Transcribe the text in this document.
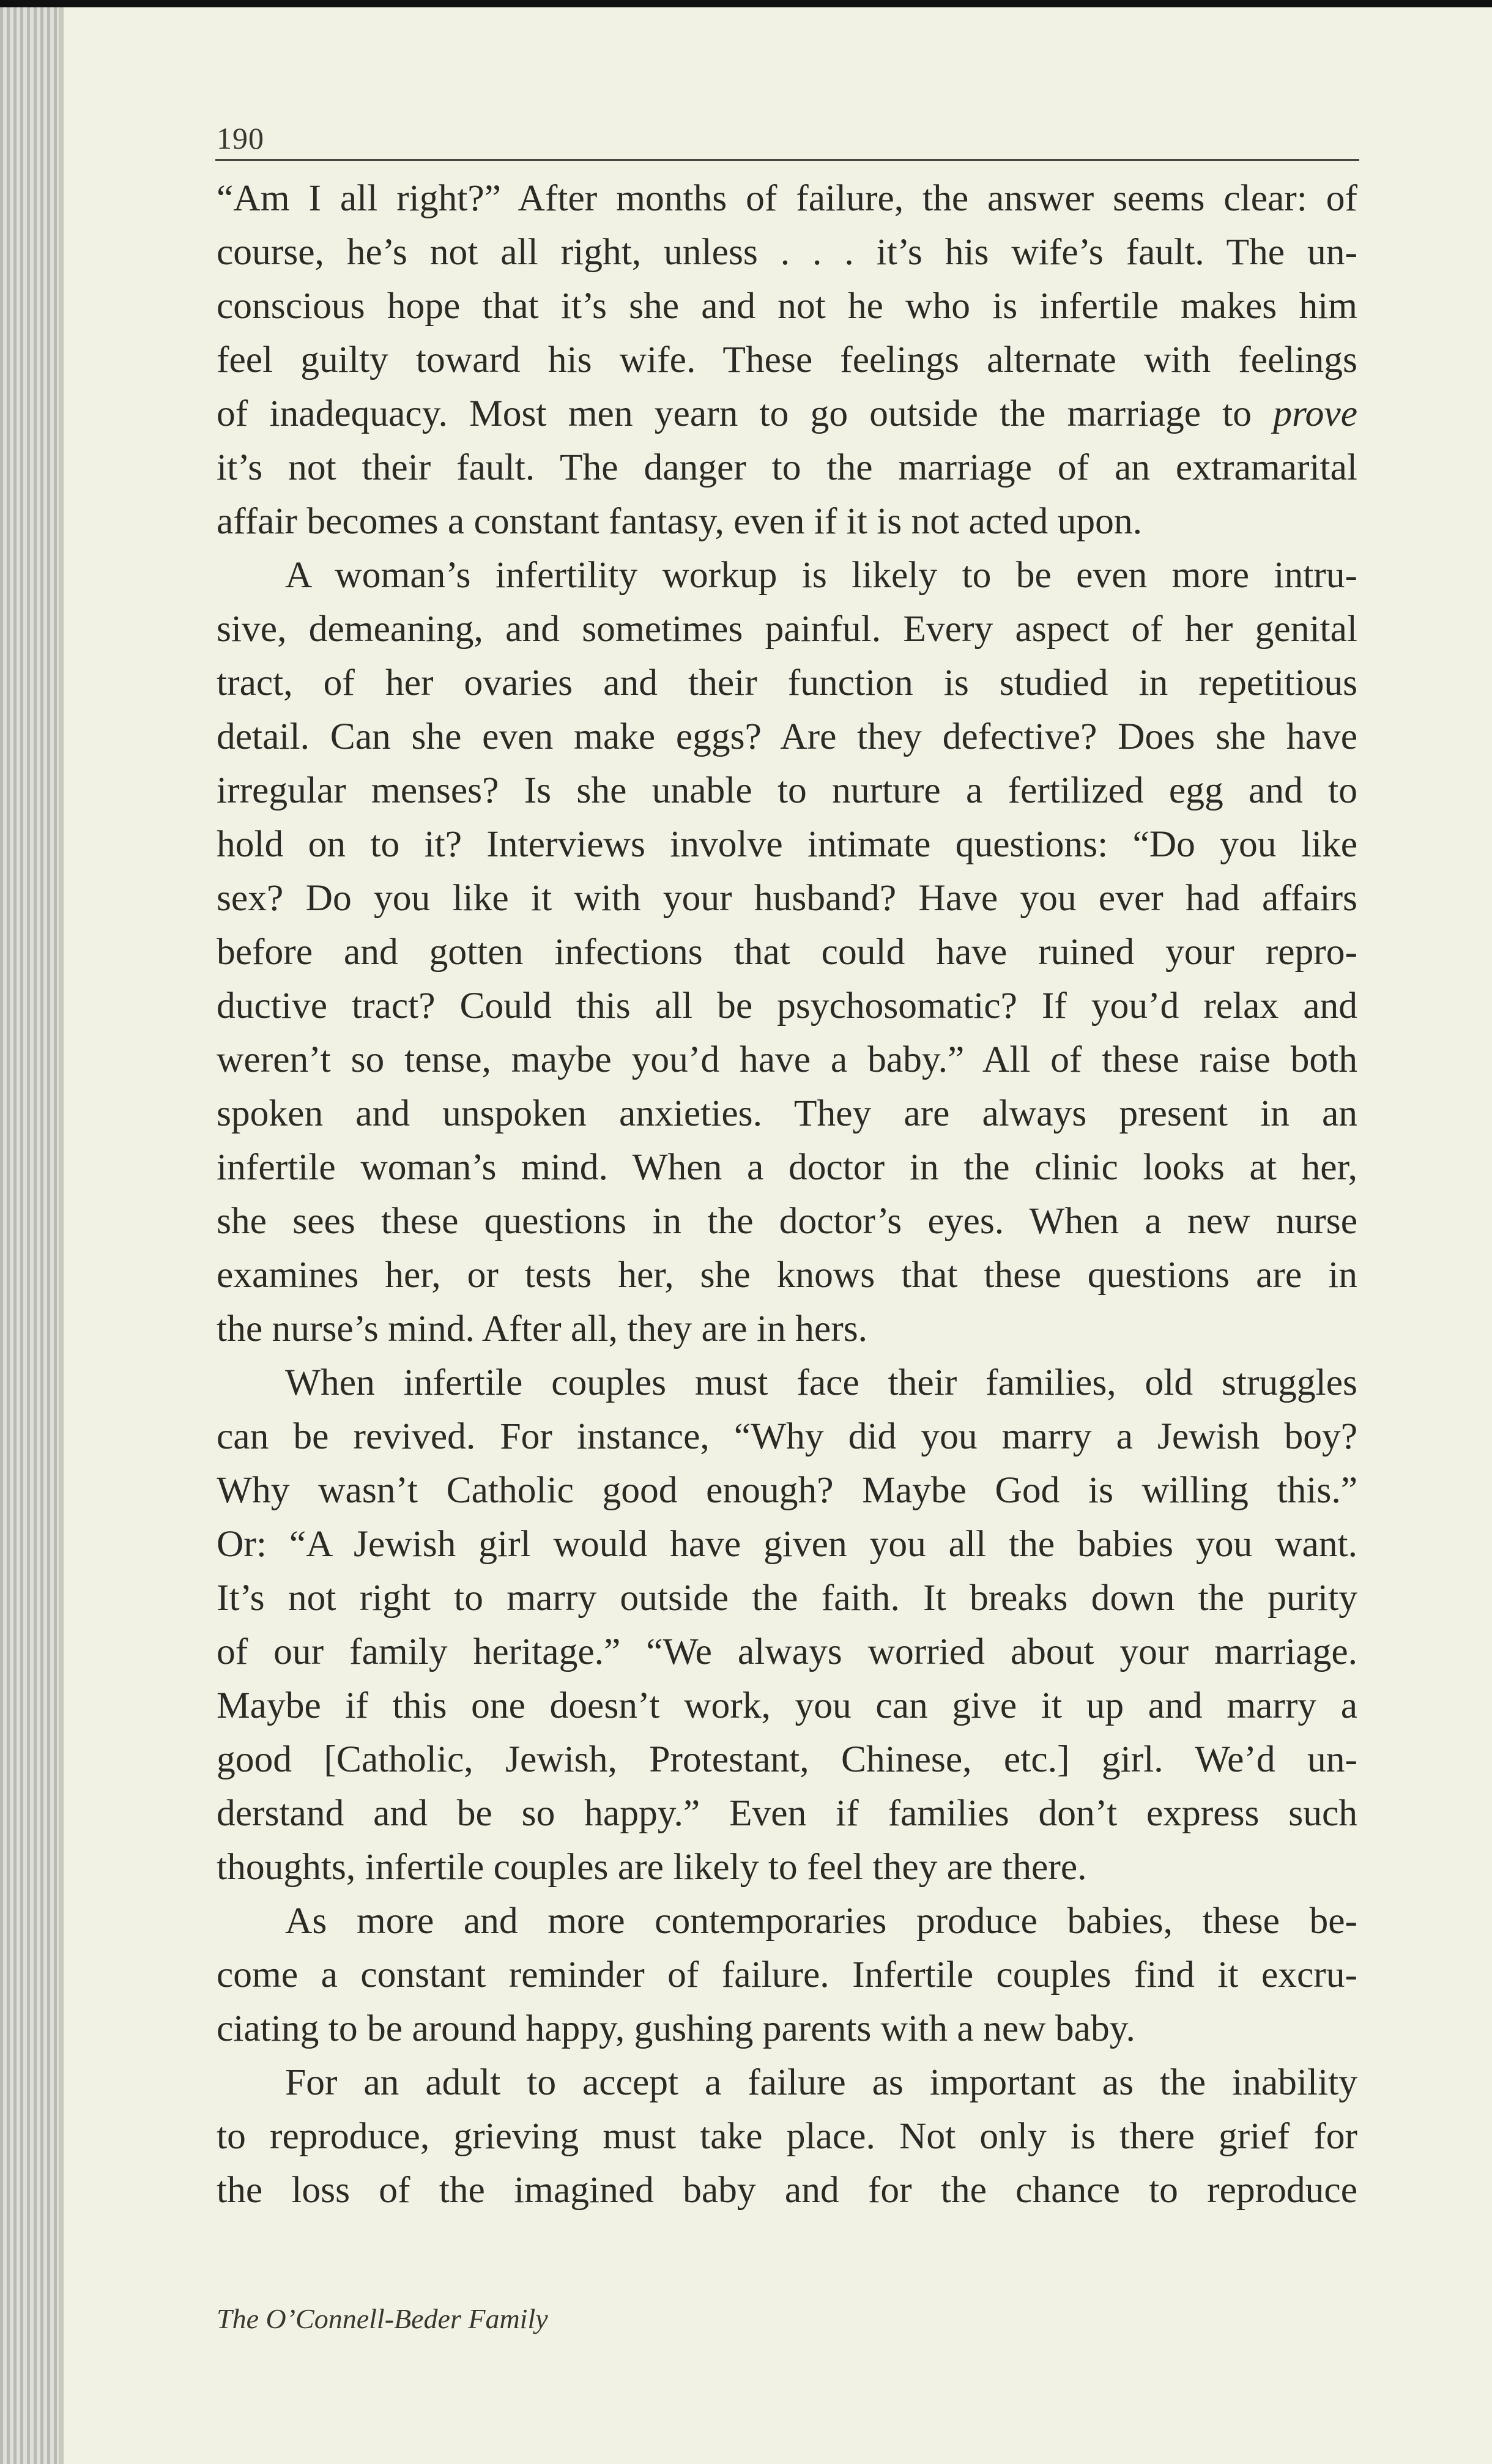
190
“Am I all right?” After months of failure, the answer seems clear: of
course, he’s not all right, unless . . . it’s his wife’s fault. The un-
conscious hope that it’s she and not he who is infertile makes him
feel guilty toward his wife. These feelings alternate with feelings
of inadequacy. Most men yearn to go outside the marriage to prove
it’s not their fault. The danger to the marriage of an extramarital
affair becomes a constant fantasy, even if it is not acted upon.
A woman’s infertility workup is likely to be even more intru-
sive, demeaning, and sometimes painful. Every aspect of her genital
tract, of her ovaries and their function is studied in repetitious
detail. Can she even make eggs? Are they defective? Does she have
irregular menses? Is she unable to nurture a fertilized egg and to
hold on to it? Interviews involve intimate questions: “Do you like
sex? Do you like it with your husband? Have you ever had affairs
before and gotten infections that could have ruined your repro-
ductive tract? Could this all be psychosomatic? If you’d relax and
weren’t so tense, maybe you’d have a baby.” All of these raise both
spoken and unspoken anxieties. They are always present in an
infertile woman’s mind. When a doctor in the clinic looks at her,
she sees these questions in the doctor’s eyes. When a new nurse
examines her, or tests her, she knows that these questions are in
the nurse’s mind. After all, they are in hers.
When infertile couples must face their families, old struggles
can be revived. For instance, “Why did you marry a Jewish boy?
Why wasn’t Catholic good enough? Maybe God is willing this.”
Or: “A Jewish girl would have given you all the babies you want.
It’s not right to marry outside the faith. It breaks down the purity
of our family heritage.” “We always worried about your marriage.
Maybe if this one doesn’t work, you can give it up and marry a
good [Catholic, Jewish, Protestant, Chinese, etc.] girl. We’d un-
derstand and be so happy.” Even if families don’t express such
thoughts, infertile couples are likely to feel they are there.
As more and more contemporaries produce babies, these be-
come a constant reminder of failure. Infertile couples find it excru-
ciating to be around happy, gushing parents with a new baby.
For an adult to accept a failure as important as the inability
to reproduce, grieving must take place. Not only is there grief for
the loss of the imagined baby and for the chance to reproduce
The O’Connell-Beder Family
